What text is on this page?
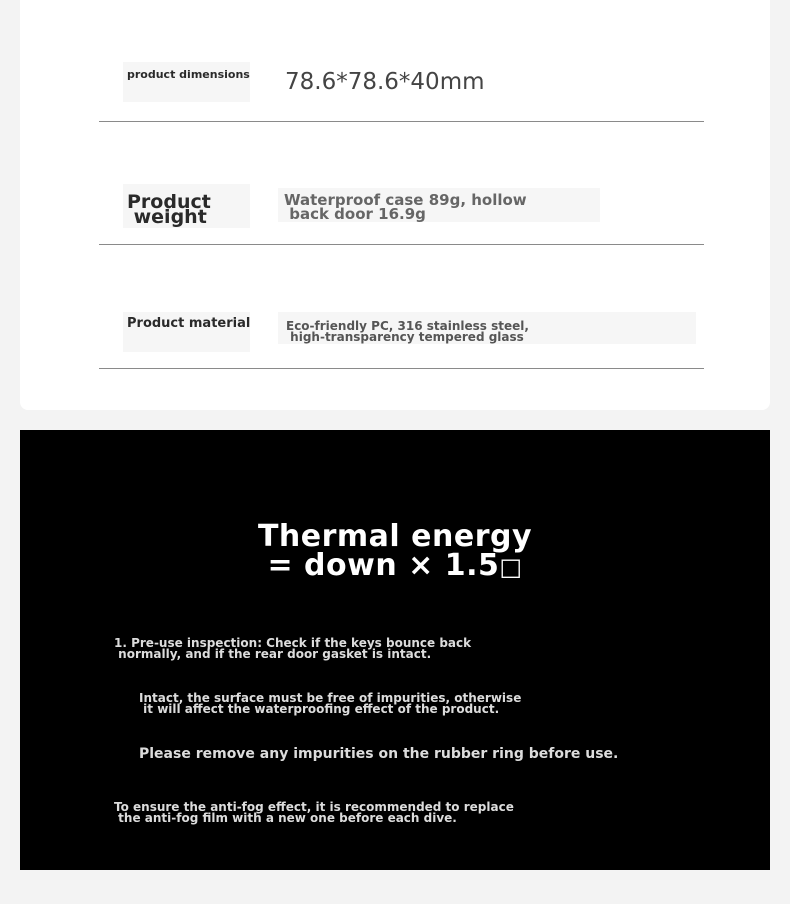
product dimensions 78.6*78.6*40mm
Product
weight
Waterproof case 89g, hollow
back door 16.9g
Product material	Eco-friendly PC, 316 stainless steel,
high-transparency tempered glass
Thermal energy
= down × 1.5□
1. Pre-use inspection: Check if the keys bounce back
normally, and if the rear door gasket is intact.
Intact, the surface must be free of impurities, otherwise
it will affect the waterproofing effect of the product.
Please remove any impurities on the rubber ring before use.
To ensure the anti-fog effect, it is recommended to replace
the anti-fog film with a new one before each dive.
